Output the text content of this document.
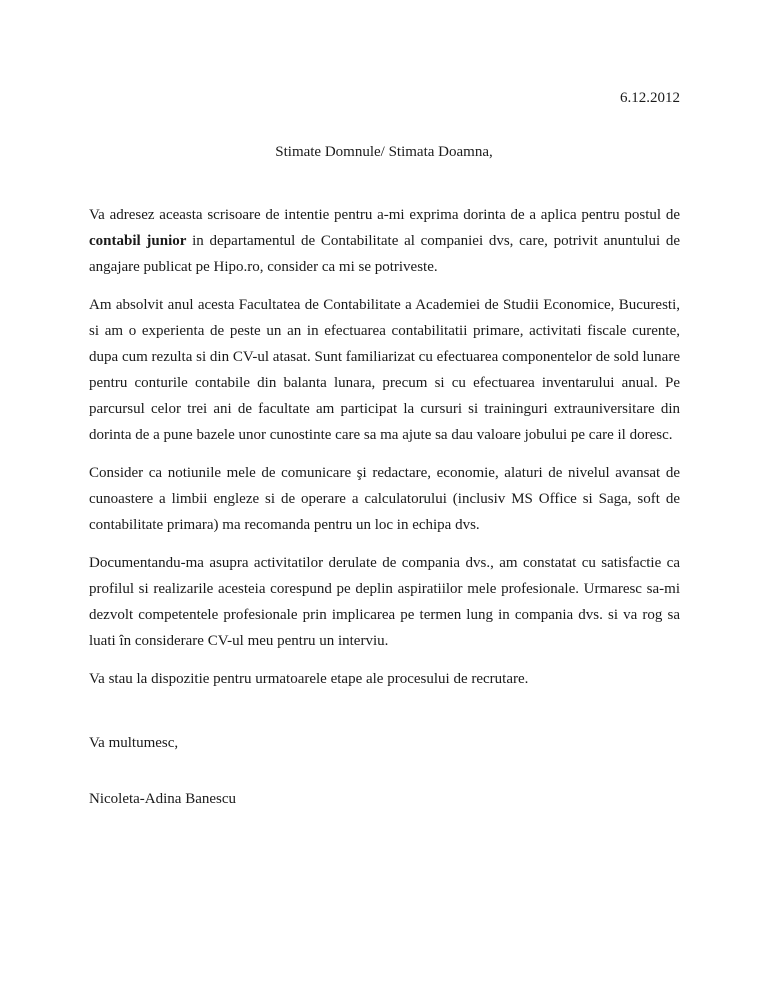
6.12.2012
Stimate Domnule/ Stimata Doamna,

Va adresez aceasta scrisoare de intentie pentru a-mi exprima dorinta de a aplica pentru postul de contabil junior in departamentul de Contabilitate al companiei dvs, care, potrivit anuntului de angajare publicat pe Hipo.ro, consider ca mi se potriveste.

Am absolvit anul acesta Facultatea de Contabilitate a Academiei de Studii Economice, Bucuresti, si am o experienta de peste un an in efectuarea contabilitatii primare, activitati fiscale curente, dupa cum rezulta si din CV-ul atasat. Sunt familiarizat cu efectuarea componentelor de sold lunare pentru conturile contabile din balanta lunara, precum si cu efectuarea inventarului anual. Pe parcursul celor trei ani de facultate am participat la cursuri si traininguri extrauniversitare din dorinta de a pune bazele unor cunostinte care sa ma ajute sa dau valoare jobului pe care il doresc.

Consider ca notiunile mele de comunicare şi redactare, economie, alaturi de nivelul avansat de cunoastere a limbii engleze si de operare a calculatorului (inclusiv MS Office si Saga, soft de contabilitate primara) ma recomanda pentru un loc in echipa dvs.

Documentandu-ma asupra activitatilor derulate de compania dvs., am constatat cu satisfactie ca profilul si realizarile acesteia corespund pe deplin aspiratiilor mele profesionale. Urmaresc sa-mi dezvolt competentele profesionale prin implicarea pe termen lung in compania dvs. si va rog sa luati în considerare CV-ul meu pentru un interviu.

Va stau la dispozitie pentru urmatoarele etape ale procesului de recrutare.

Va multumesc,
Nicoleta-Adina Banescu
